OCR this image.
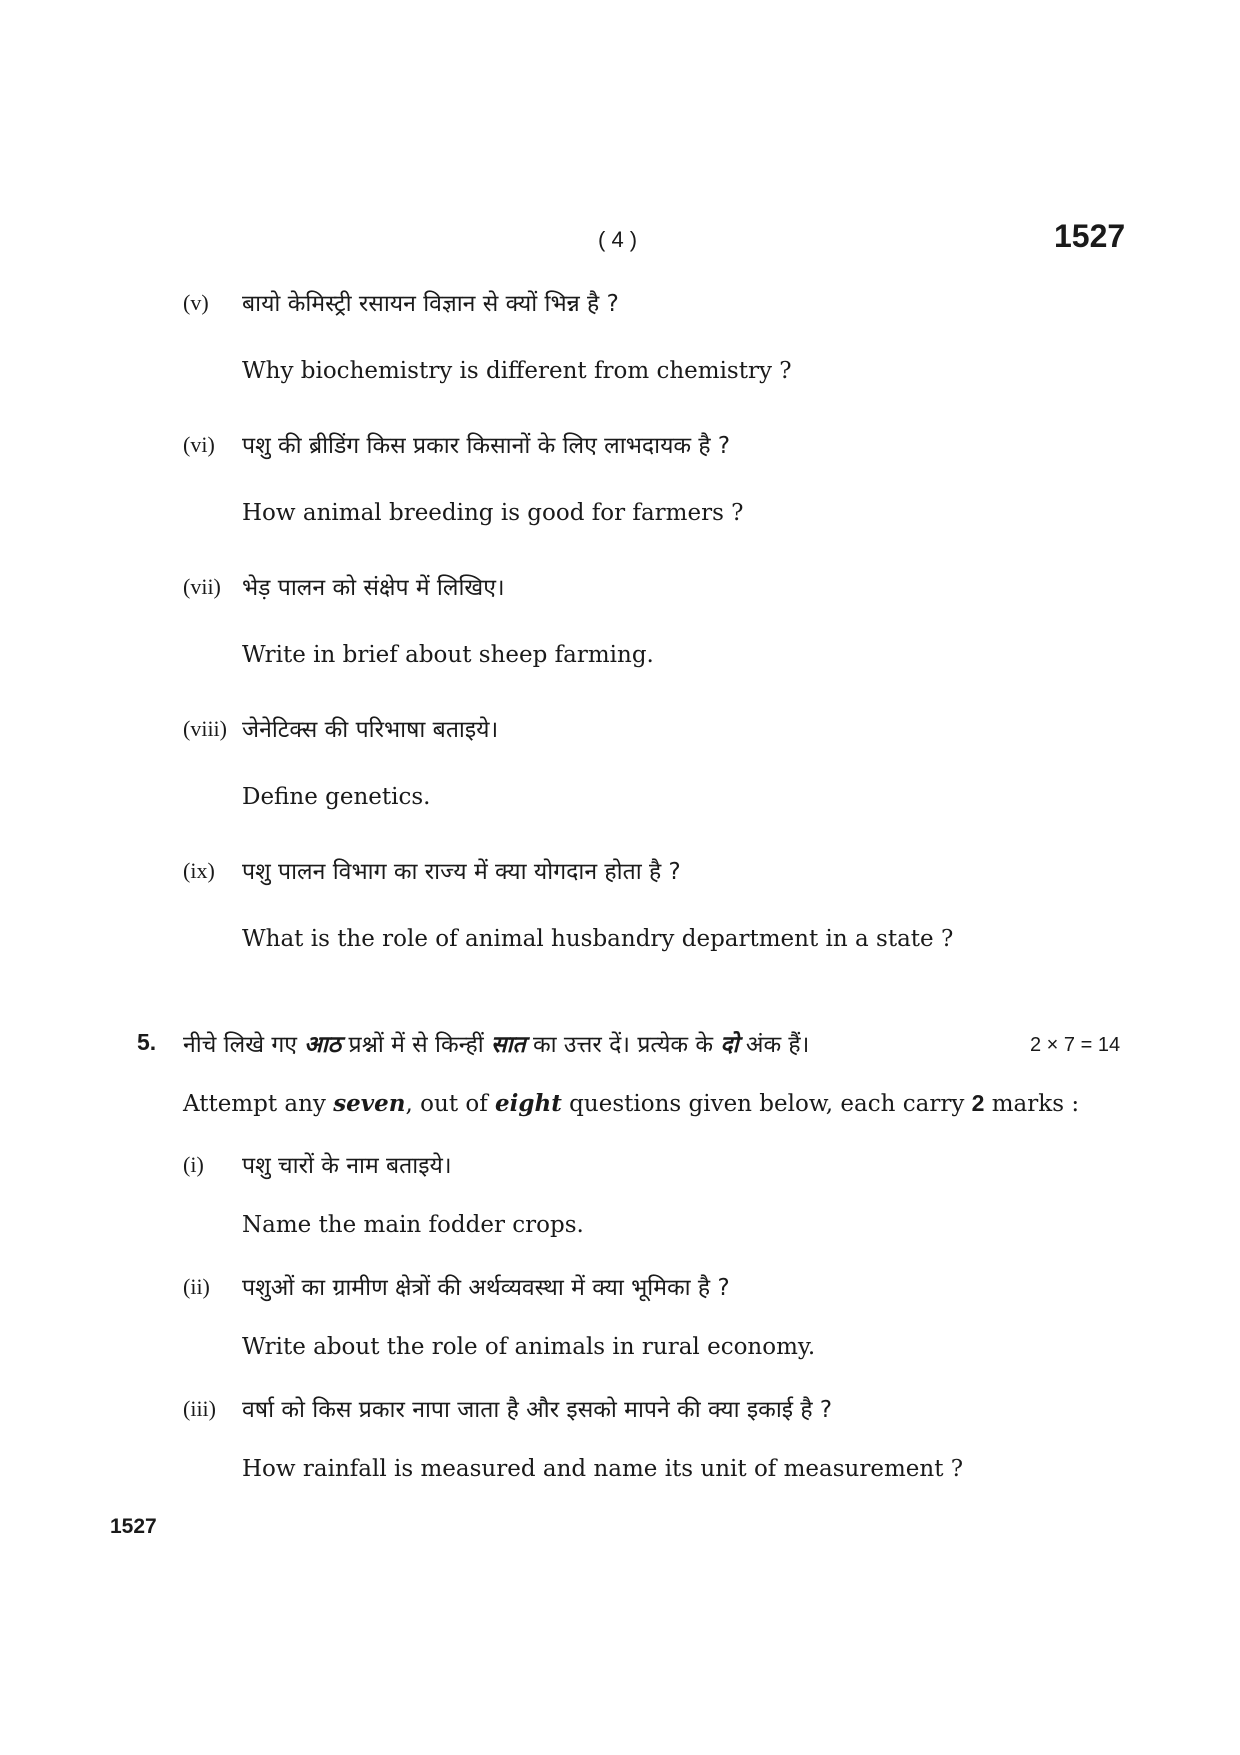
( 4 )	1527
(v) बायो केमिस्ट्री रसायन विज्ञान से क्यों भिन्न है ?
Why biochemistry is different from chemistry ?
(vi) पशु की ब्रीडिंग किस प्रकार किसानों के लिए लाभदायक है ?
How animal breeding is good for farmers ?
(vii) भेड़ पालन को संक्षेप में लिखिए।
Write in brief about sheep farming.
(viii) जेनेटिक्स की परिभाषा बताइये।
Define genetics.
(ix) पशु पालन विभाग का राज्य में क्या योगदान होता है ?
What is the role of animal husbandry department in a state ?
5. नीचे लिखे गए आठ प्रश्नों में से किन्हीं सात का उत्तर दें। प्रत्येक के दो अंक हैं।	2 × 7 = 14
Attempt any seven, out of eight questions given below, each carry 2 marks :
(i) पशु चारों के नाम बताइये।
Name the main fodder crops.
(ii) पशुओं का ग्रामीण क्षेत्रों की अर्थव्यवस्था में क्या भूमिका है ?
Write about the role of animals in rural economy.
(iii) वर्षा को किस प्रकार नापा जाता है और इसको मापने की क्या इकाई है ?
How rainfall is measured and name its unit of measurement ?
1527
